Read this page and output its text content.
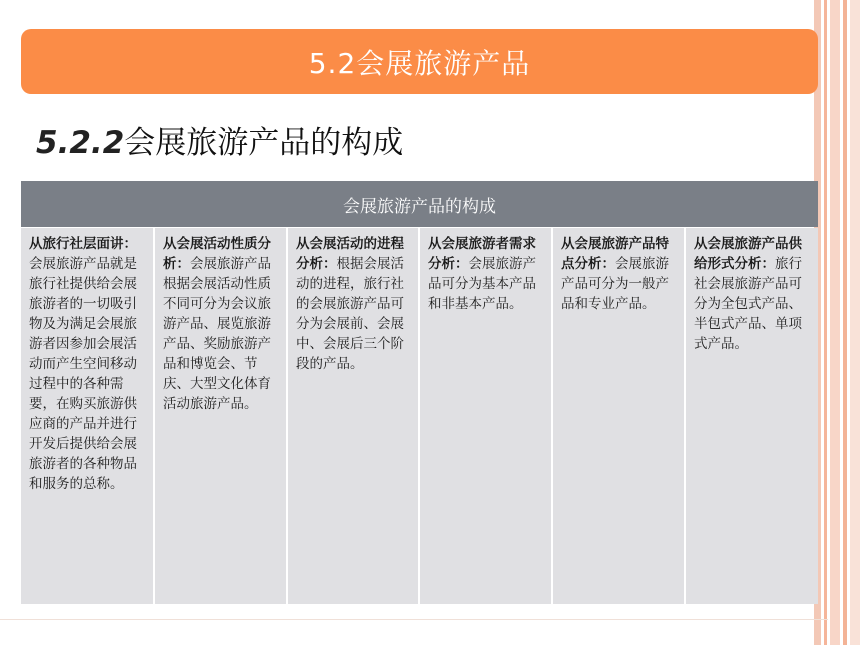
5.2会展旅游产品
5.2.2会展旅游产品的构成
会展旅游产品的构成
从旅行社层面讲：会展旅游产品就是旅行社提供给会展旅游者的一切吸引物及为满足会展旅游者因参加会展活动而产生空间移动过程中的各种需要，在购买旅游供应商的产品并进行开发后提供给会展旅游者的各种物品和服务的总称。
从会展活动性质分析：会展旅游产品根据会展活动性质不同可分为会议旅游产品、展览旅游产品、奖励旅游产品和博览会、节庆、大型文化体育活动旅游产品。
从会展活动的进程分析：根据会展活动的进程，旅行社的会展旅游产品可分为会展前、会展中、会展后三个阶段的产品。
从会展旅游者需求分析：会展旅游产品可分为基本产品和非基本产品。
从会展旅游产品特点分析：会展旅游产品可分为一般产品和专业产品。
从会展旅游产品供给形式分析：旅行社会展旅游产品可分为全包式产品、半包式产品、单项式产品。
